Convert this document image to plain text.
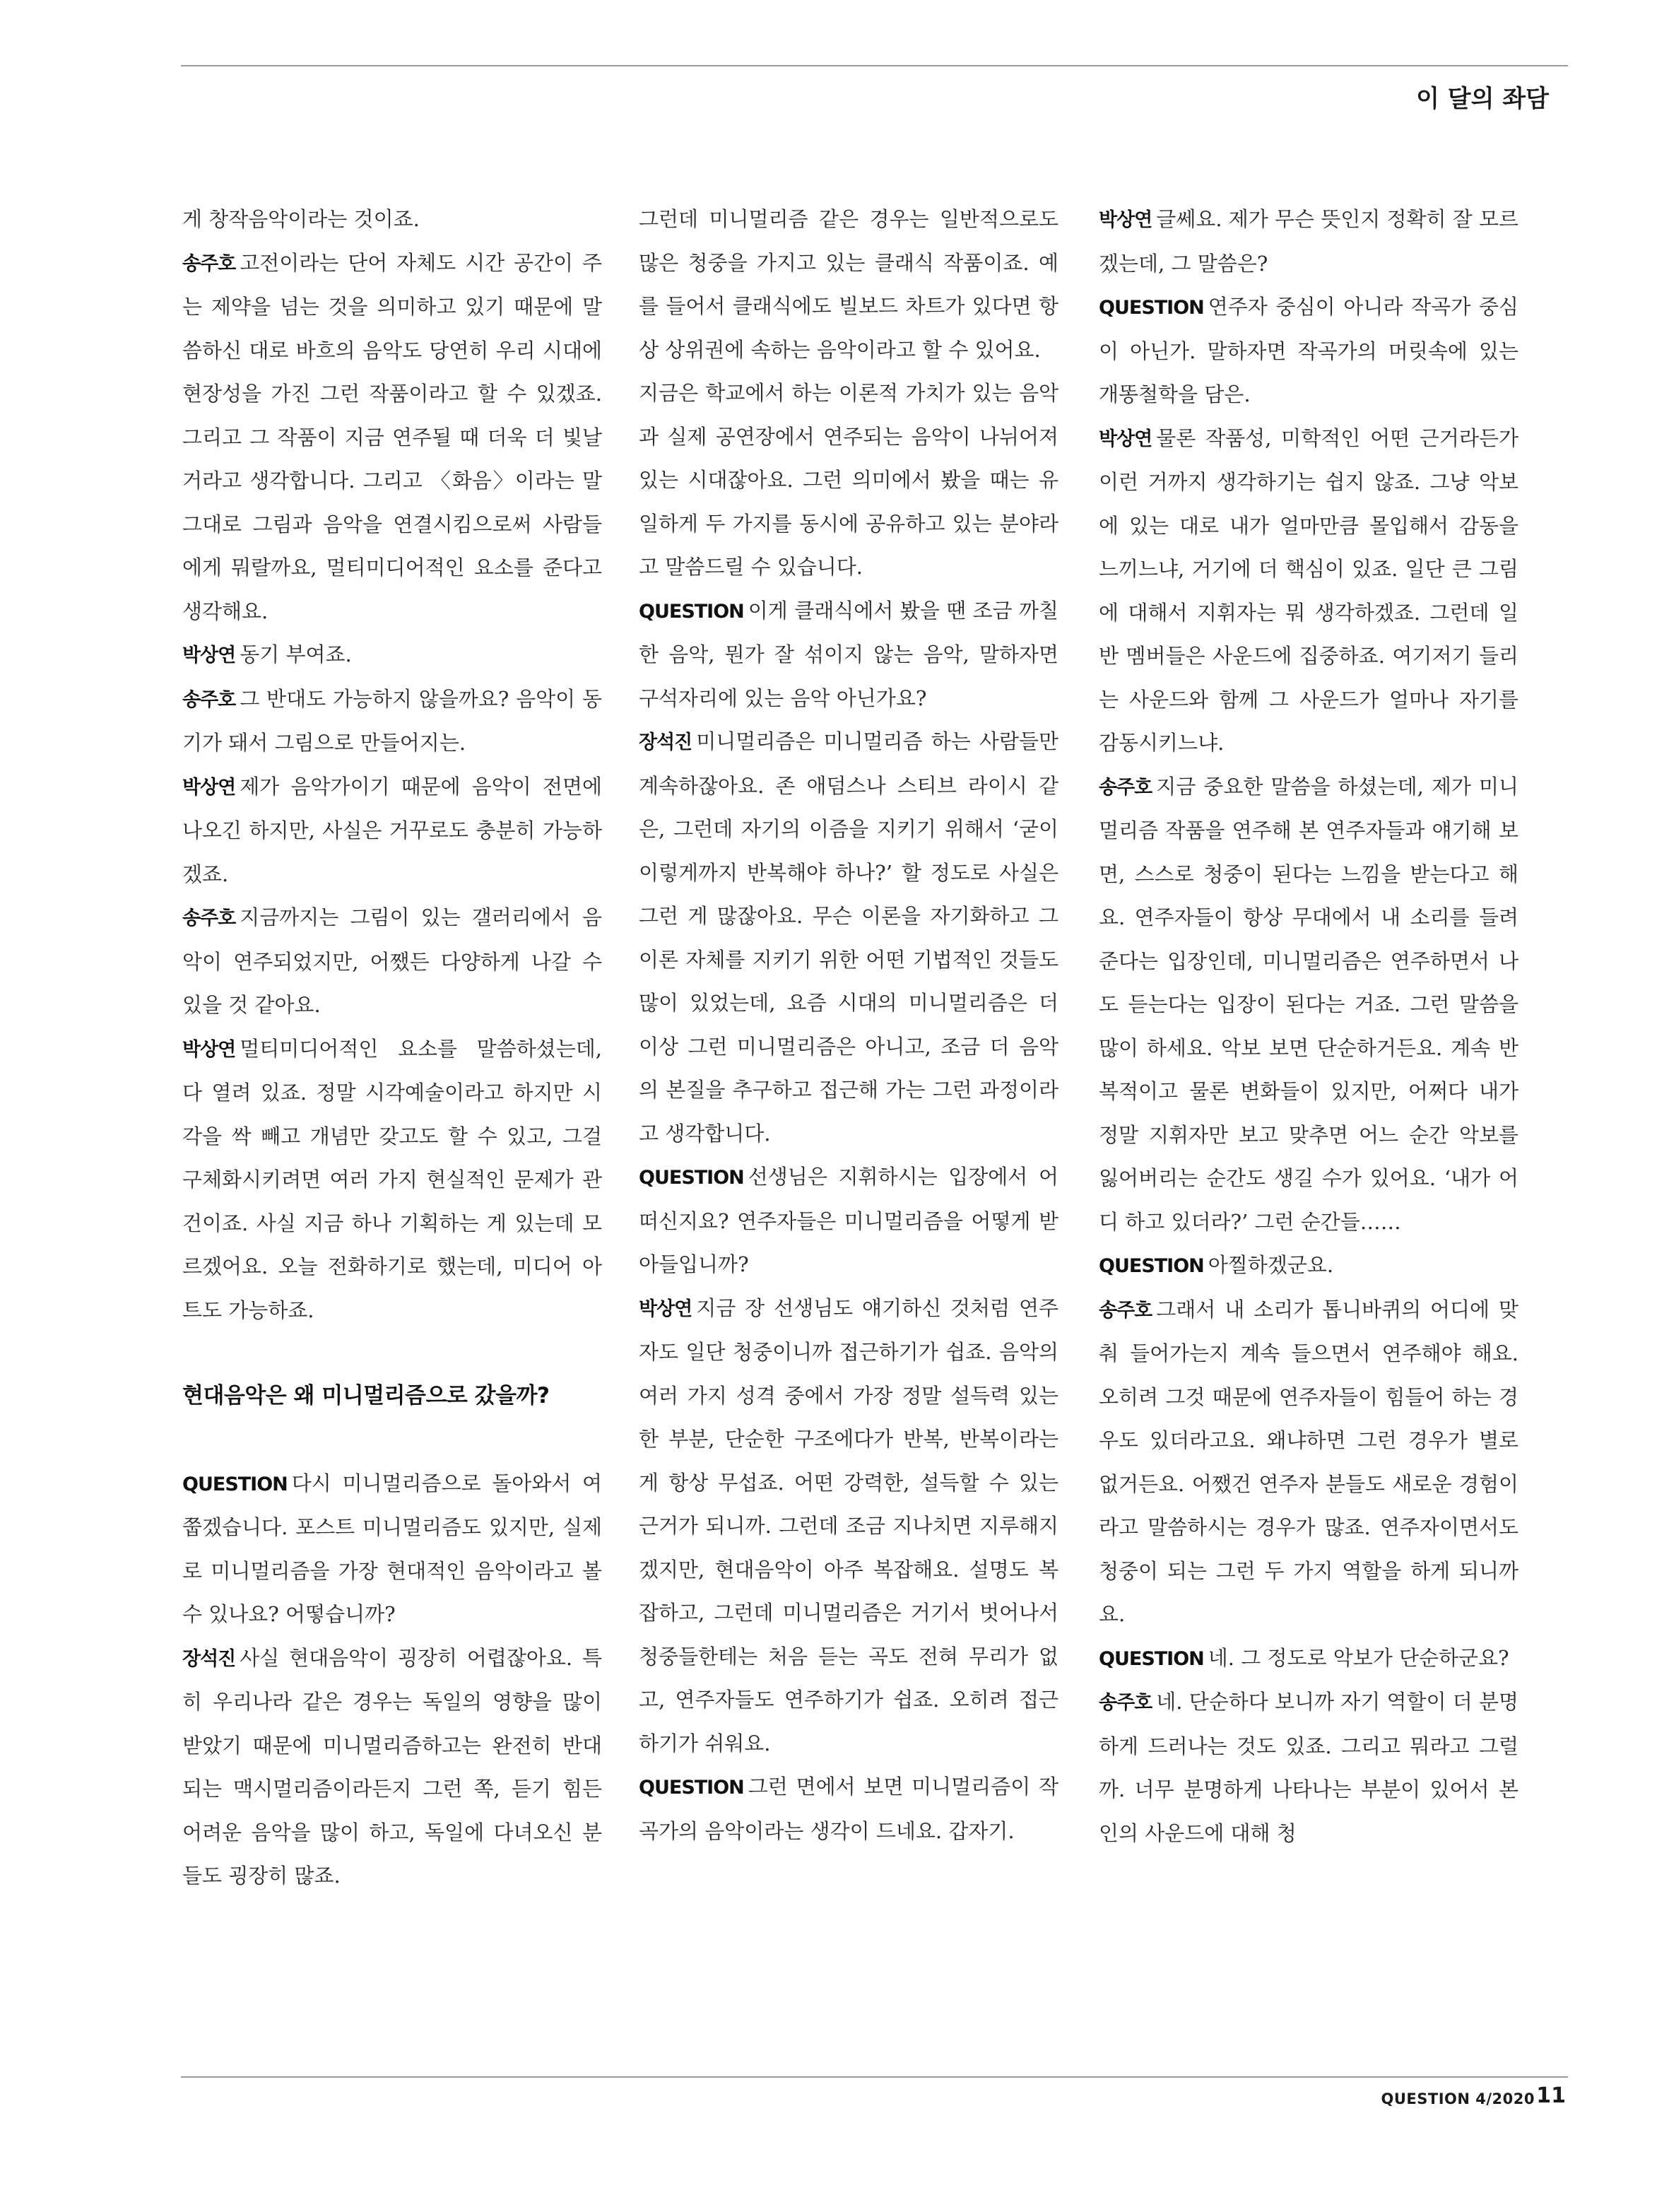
이 달의 좌담

게 창작음악이라는 것이죠.

송주호 고전이라는 단어 자체도 시간 공간이 주는 제약을 넘는 것을 의미하고 있기 때문에 말씀하신 대로 바흐의 음악도 당연히 우리 시대에 현장성을 가진 그런 작품이라고 할 수 있겠죠. 그리고 그 작품이 지금 연주될 때 더욱 더 빛날 거라고 생각합니다. 그리고 〈화음〉이라는 말 그대로 그림과 음악을 연결시킴으로써 사람들에게 뭐랄까요, 멀티미디어적인 요소를 준다고 생각해요.

박상연 동기 부여죠.

송주호 그 반대도 가능하지 않을까요? 음악이 동기가 돼서 그림으로 만들어지는.

박상연 제가 음악가이기 때문에 음악이 전면에 나오긴 하지만, 사실은 거꾸로도 충분히 가능하겠죠.

송주호 지금까지는 그림이 있는 갤러리에서 음악이 연주되었지만, 어쨌든 다양하게 나갈 수 있을 것 같아요.

박상연 멀티미디어적인 요소를 말씀하셨는데, 다 열려 있죠. 정말 시각예술이라고 하지만 시각을 싹 빼고 개념만 갖고도 할 수 있고, 그걸 구체화시키려면 여러 가지 현실적인 문제가 관건이죠. 사실 지금 하나 기획하는 게 있는데 모르겠어요. 오늘 전화하기로 했는데, 미디어 아트도 가능하죠.

현대음악은 왜 미니멀리즘으로 갔을까?

QUESTION 다시 미니멀리즘으로 돌아와서 여쭙겠습니다. 포스트 미니멀리즘도 있지만, 실제로 미니멀리즘을 가장 현대적인 음악이라고 볼 수 있나요? 어떻습니까?

장석진 사실 현대음악이 굉장히 어렵잖아요. 특히 우리나라 같은 경우는 독일의 영향을 많이 받았기 때문에 미니멀리즘하고는 완전히 반대되는 맥시멀리즘이라든지 그런 쪽, 듣기 힘든 어려운 음악을 많이 하고, 독일에 다녀오신 분들도 굉장히 많죠.

그런데 미니멀리즘 같은 경우는 일반적으로도 많은 청중을 가지고 있는 클래식 작품이죠. 예를 들어서 클래식에도 빌보드 차트가 있다면 항상 상위권에 속하는 음악이라고 할 수 있어요.

지금은 학교에서 하는 이론적 가치가 있는 음악과 실제 공연장에서 연주되는 음악이 나뉘어져 있는 시대잖아요. 그런 의미에서 봤을 때는 유일하게 두 가지를 동시에 공유하고 있는 분야라고 말씀드릴 수 있습니다.

QUESTION 이게 클래식에서 봤을 땐 조금 까칠한 음악, 뭔가 잘 섞이지 않는 음악, 말하자면 구석자리에 있는 음악 아닌가요?

장석진 미니멀리즘은 미니멀리즘 하는 사람들만 계속하잖아요. 존 애덤스나 스티브 라이시 같은, 그런데 자기의 이즘을 지키기 위해서 ‘굳이 이렇게까지 반복해야 하나?’ 할 정도로 사실은 그런 게 많잖아요. 무슨 이론을 자기화하고 그 이론 자체를 지키기 위한 어떤 기법적인 것들도 많이 있었는데, 요즘 시대의 미니멀리즘은 더 이상 그런 미니멀리즘은 아니고, 조금 더 음악의 본질을 추구하고 접근해 가는 그런 과정이라고 생각합니다.

QUESTION 선생님은 지휘하시는 입장에서 어떠신지요? 연주자들은 미니멀리즘을 어떻게 받아들입니까?

박상연 지금 장 선생님도 얘기하신 것처럼 연주자도 일단 청중이니까 접근하기가 쉽죠. 음악의 여러 가지 성격 중에서 가장 정말 설득력 있는 한 부분, 단순한 구조에다가 반복, 반복이라는 게 항상 무섭죠. 어떤 강력한, 설득할 수 있는 근거가 되니까. 그런데 조금 지나치면 지루해지겠지만, 현대음악이 아주 복잡해요. 설명도 복잡하고, 그런데 미니멀리즘은 거기서 벗어나서 청중들한테는 처음 듣는 곡도 전혀 무리가 없고, 연주자들도 연주하기가 쉽죠. 오히려 접근하기가 쉬워요.

QUESTION 그런 면에서 보면 미니멀리즘이 작곡가의 음악이라는 생각이 드네요. 갑자기.

박상연 글쎄요. 제가 무슨 뜻인지 정확히 잘 모르겠는데, 그 말씀은?

QUESTION 연주자 중심이 아니라 작곡가 중심이 아닌가. 말하자면 작곡가의 머릿속에 있는 개똥철학을 담은.

박상연 물론 작품성, 미학적인 어떤 근거라든가 이런 거까지 생각하기는 쉽지 않죠. 그냥 악보에 있는 대로 내가 얼마만큼 몰입해서 감동을 느끼느냐, 거기에 더 핵심이 있죠. 일단 큰 그림에 대해서 지휘자는 뭐 생각하겠죠. 그런데 일반 멤버들은 사운드에 집중하죠. 여기저기 들리는 사운드와 함께 그 사운드가 얼마나 자기를 감동시키느냐.

송주호 지금 중요한 말씀을 하셨는데, 제가 미니멀리즘 작품을 연주해 본 연주자들과 얘기해 보면, 스스로 청중이 된다는 느낌을 받는다고 해요. 연주자들이 항상 무대에서 내 소리를 들려준다는 입장인데, 미니멀리즘은 연주하면서 나도 듣는다는 입장이 된다는 거죠. 그런 말씀을 많이 하세요. 악보 보면 단순하거든요. 계속 반복적이고 물론 변화들이 있지만, 어쩌다 내가 정말 지휘자만 보고 맞추면 어느 순간 악보를 잃어버리는 순간도 생길 수가 있어요. ‘내가 어디 하고 있더라?’ 그런 순간들……

QUESTION 아찔하겠군요.

송주호 그래서 내 소리가 톱니바퀴의 어디에 맞춰 들어가는지 계속 들으면서 연주해야 해요. 오히려 그것 때문에 연주자들이 힘들어 하는 경우도 있더라고요. 왜냐하면 그런 경우가 별로 없거든요. 어쨌건 연주자 분들도 새로운 경험이라고 말씀하시는 경우가 많죠. 연주자이면서도 청중이 되는 그런 두 가지 역할을 하게 되니까요.

QUESTION 네. 그 정도로 악보가 단순하군요?

송주호 네. 단순하다 보니까 자기 역할이 더 분명하게 드러나는 것도 있죠. 그리고 뭐라고 그럴까. 너무 분명하게 나타나는 부분이 있어서 본인의 사운드에 대해 청

QUESTION 4/2020 11
